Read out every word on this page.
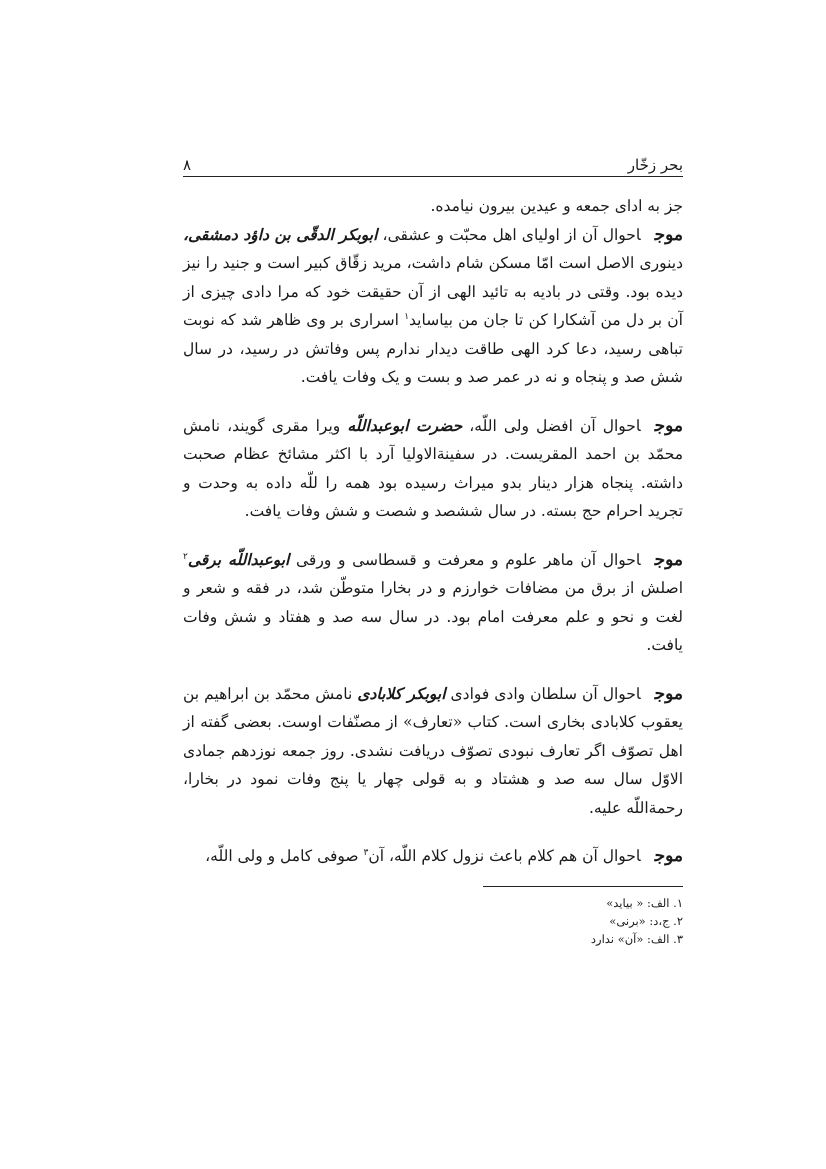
بحر زخّار
۸

جز به ادای جمعه و عیدین بیرون نیامده.

موجاحوال آن از اولیای اهل محبّت و عشقی، ابوبکر الدقّی بن داؤد دمشقی، دینوری الاصل است امّا مسکن شام داشت، مرید زقّاق کبیر است و جنید را نیز دیده بود. وقتی در بادیه به تائید الهی از آن حقیقت خود که مرا دادی چیزی از آن بر دل من آشکارا کن تا جان من بیاساید$^۱$ اسراری بر وی ظاهر شد که نوبت تباهی رسید، دعا کرد الهی طاقت دیدار ندارم پس وفاتش در رسید، در سال شش صد و پنجاه و نه در عمر صد و بست و یک وفات یافت.

موجاحوال آن افضل ولی اللّه، حضرت ابوعبداللّه ویرا مقری گویند، نامش محمّد بن احمد المقریست. در سفینة‌الاولیا آرد با اکثر مشائخ عظام صحبت داشته. پنجاه هزار دینار بدو میراث رسیده بود همه را للّه داده به وحدت و تجرید احرام حج بسته. در سال ششصد و شصت و شش وفات یافت.

موجاحوال آن ماهر علوم و معرفت و قسطاسی و ورقی ابوعبداللّه برقی$^۲$ اصلش از برق من مضافات خوارزم و در بخارا متوطّن شد، در فقه و شعر و لغت و نحو و علم معرفت امام بود. در سال سه صد و هفتاد و شش وفات یافت.

موجاحوال آن سلطان وادی فوادی ابوبکر کلابادی نامش محمّد بن ابراهیم بن یعقوب کلابادی بخاری است. کتاب «تعارف» از مصنّفات اوست. بعضی گفته از اهل تصوّف اگر تعارف نبودی تصوّف دریافت نشدی. روز جمعه نوزدهم جمادی الاوّل سال سه صد و هشتاد و به قولی چهار یا پنج وفات نمود در بخارا، رحمة‌اللّه علیه.

موجاحوال آن هم کلام باعث نزول کلام اللّه، آن$^۳$ صوفی کامل و ولی اللّه،

۱. الف: « بیاید»

۲. ج،د: «برنی»

۳. الف: «آن» ندارد
